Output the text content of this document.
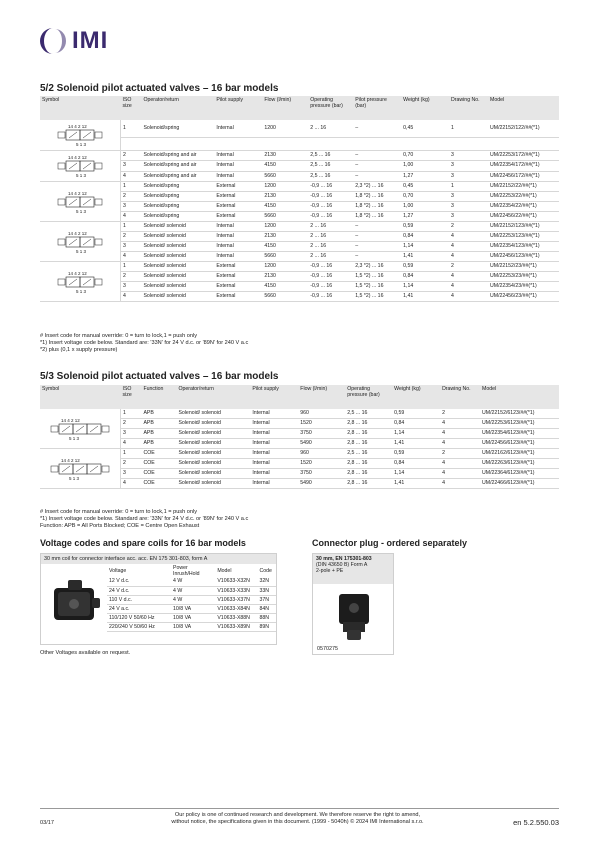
IMI
5/2 Solenoid pilot actuated valves – 16 bar models
Symbol	ISO size	Operator/return	Pilot supply	Flow (l/min)	Operating pressure (bar)	Pilot pressure (bar)	Weight (kg)	Drawing No.	Model

14 4 2 12
5 1 3	1	Solenoid/spring	Internal	1200	2 ... 16	–	0,45	1	UM/22152/122/##(*1)

14 4 2 12
5 1 3	2	Solenoid/spring and air	Internal	2130	2,5 ... 16	–	0,70	3	UM/22253/172/##(*1)
	3	Solenoid/spring and air	Internal	4150	2,5 ... 16	–	1,00	3	UM/22354/172/##(*1)
	4	Solenoid/spring and air	Internal	5660	2,5 ... 16	–	1,27	3	UM/22456/172/##(*1)

14 4 2 12
5 1 3	1	Solenoid/spring	External	1200	-0,9 ... 16	2,3 *2) ... 16	0,45	1	UM/22152/22/##(*1)
	2	Solenoid/spring	External	2130	-0,9 ... 16	1,8 *2) ... 16	0,70	3	UM/22253/22/##(*1)
	3	Solenoid/spring	External	4150	-0,9 ... 16	1,8 *2) ... 16	1,00	3	UM/22354/22/##(*1)
	4	Solenoid/spring	External	5660	-0,9 ... 16	1,8 *2) ... 16	1,27	3	UM/22456/22/##(*1)

14 4 2 12
5 1 3	1	Solenoid/ solenoid	Internal	1200	2 ... 16	–	0,59	2	UM/22152/123/##(*1)
	2	Solenoid/ solenoid	Internal	2130	2 ... 16	–	0,84	4	UM/22253/123/##(*1)
	3	Solenoid/ solenoid	Internal	4150	2 ... 16	–	1,14	4	UM/22354/123/##(*1)
	4	Solenoid/ solenoid	Internal	5660	2 ... 16	–	1,41	4	UM/22456/123/##(*1)

14 4 2 12
5 1 3	1	Solenoid/ solenoid	External	1200	-0,9 ... 16	2,3 *2) ... 16	0,59	2	UM/22152/23/##(*1)
	2	Solenoid/ solenoid	External	2130	-0,9 ... 16	1,5 *2) ... 16	0,84	4	UM/22253/23/##(*1)
	3	Solenoid/ solenoid	External	4150	-0,9 ... 16	1,5 *2) ... 16	1,14	4	UM/22354/23/##(*1)
	4	Solenoid/ solenoid	External	5660	-0,9 ... 16	1,5 *2) ... 16	1,41	4	UM/22456/23/##(*1)
# Insert code for manual override: 0 = turn to lock,1 = push only
*1) Insert voltage code below. Standard are: '33N' for 24 V d.c. or '89N' for 240 V a.c
*2) plus (0,1 x supply pressure)
5/3 Solenoid pilot actuated valves – 16 bar models
Symbol	ISO size	Function	Operator/return	Pilot supply	Flow (l/min)	Operating pressure (bar)	Weight (kg)	Drawing No.	Model

14 4 2 12
5 1 3	1	APB	Solenoid/ solenoid	Internal	960	2,5 ... 16	0,59	2	UM/22152/6123/##(*1)
	2	APB	Solenoid/ solenoid	Internal	1520	2,8 ... 16	0,84	4	UM/22253/6123/##(*1)
	3	APB	Solenoid/ solenoid	Internal	3750	2,8 ... 16	1,14	4	UM/22354/6123/##(*1)
	4	APB	Solenoid/ solenoid	Internal	5490	2,8 ... 16	1,41	4	UM/22456/6123/##(*1)

14 4 2 12
5 1 3	1	COE	Solenoid/ solenoid	Internal	960	2,5 ... 16	0,59	2	UM/22162/6123/##(*1)
	2	COE	Solenoid/ solenoid	Internal	1520	2,8 ... 16	0,84	4	UM/22263/6123/##(*1)
	3	COE	Solenoid/ solenoid	Internal	3750	2,8 ... 16	1,14	4	UM/22364/6123/##(*1)
	4	COE	Solenoid/ solenoid	Internal	5490	2,8 ... 16	1,41	4	UM/22466/6123/##(*1)
# Insert code for manual override: 0 = turn to lock,1 = push only
*1) Insert voltage code below. Standard are: '33N' for 24 V d.c. or '89N' for 240 V a.c
Function: APB = All Ports Blocked; COE = Centre Open Exhaust
Voltage codes and spare coils for 16 bar models
30 mm coil for connector interface acc. acc. EN 175 301-803, form A
Voltage	Power Inrush/Hold	Model	Code
12 V d.c.	4 W	V10633-X32N	32N
24 V d.c.	4 W	V10633-X33N	33N
110 V d.c.	4 W	V10633-X37N	37N
24 V a.c.	10/8 VA	V10633-X84N	84N
110/120 V 50/60 Hz	10/8 VA	V10633-X88N	88N
220/240 V 50/60 Hz	10/8 VA	V10633-X89N	89N
Other Voltages available on request.
Connector plug - ordered separately
30 mm, EN 175301-803
(DIN 43650 B) Form A
2-pole + PE
0570275
Our policy is one of continued research and development. We therefore reserve the right to amend,
without notice, the specifications given in this document. (1999 - 5040h) © 2024 IMI International s.r.o.
03/17	en 5.2.550.03
